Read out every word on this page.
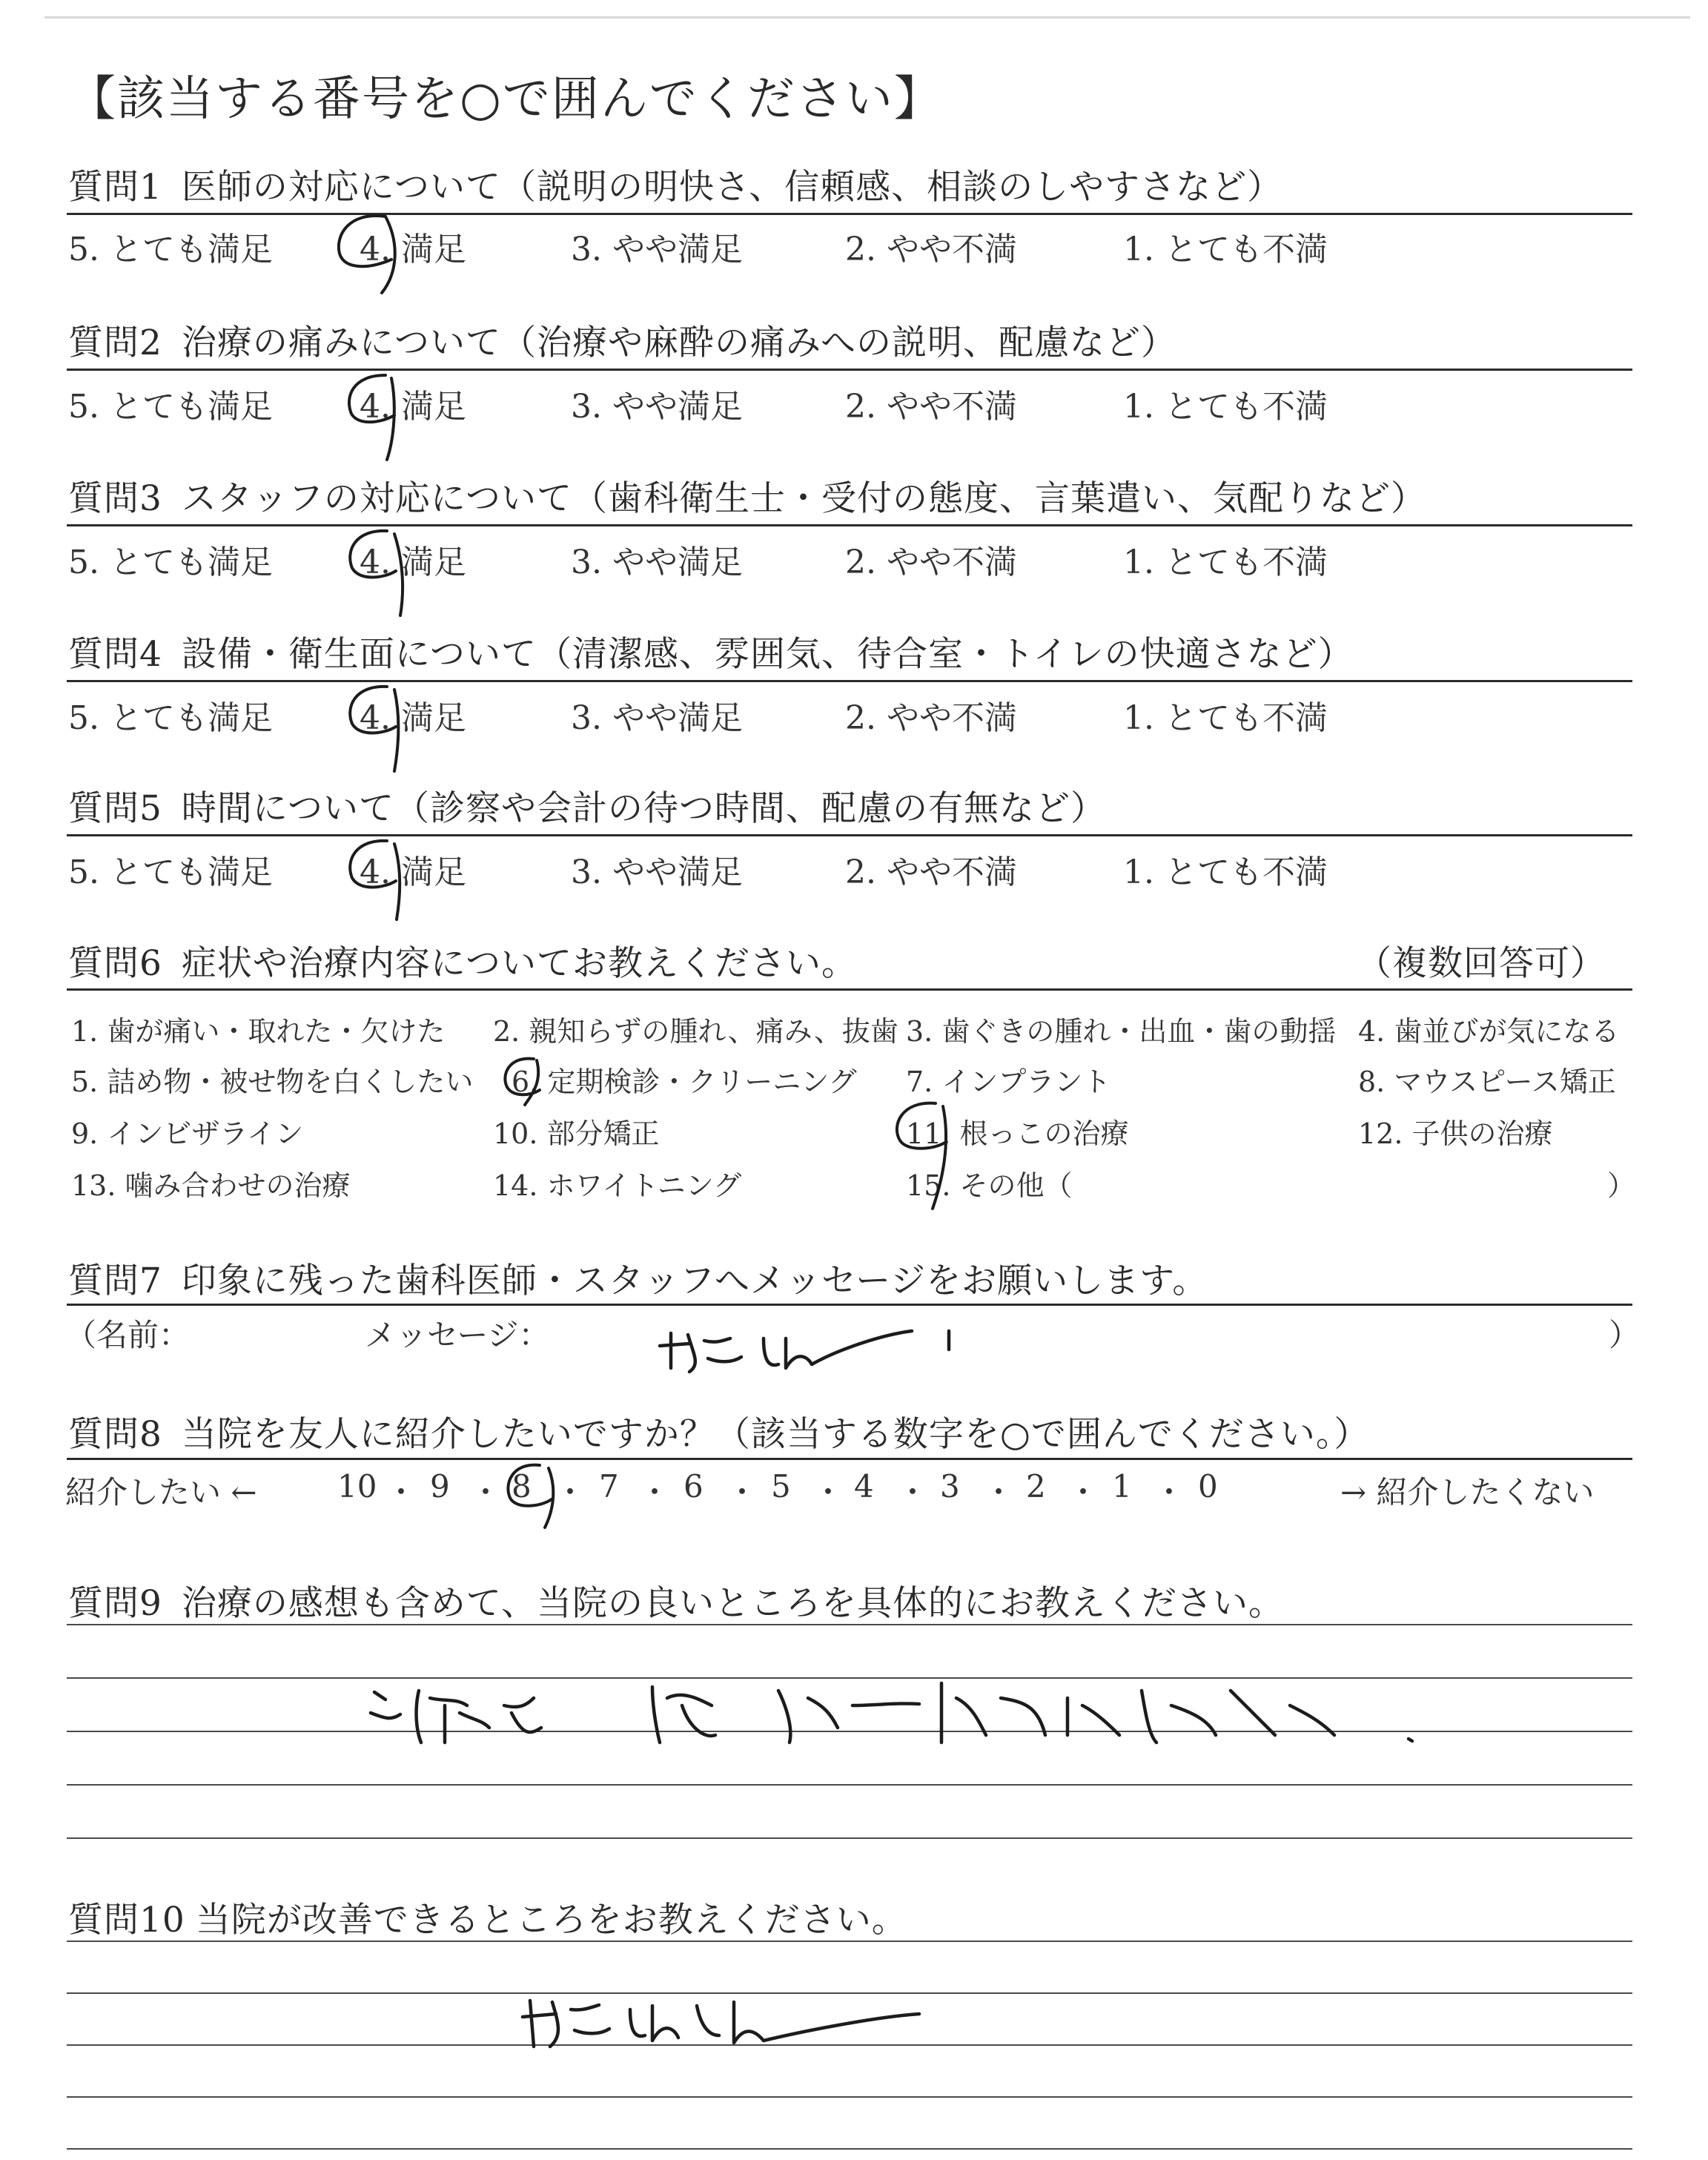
【該当する番号を○で囲んでください】
質問1 医師の対応について（説明の明快さ、信頼感、相談のしやすさなど）
5. とても満足	4. 満足	3. やや満足	2. やや不満	1. とても不満
質問2 治療の痛みについて（治療や麻酔の痛みへの説明、配慮など）
5. とても満足	4. 満足	3. やや満足	2. やや不満	1. とても不満
質問3 スタッフの対応について（歯科衛生士・受付の態度、言葉遣い、気配りなど）
5. とても満足	4. 満足	3. やや満足	2. やや不満	1. とても不満
質問4 設備・衛生面について（清潔感、雰囲気、待合室・トイレの快適さなど）
5. とても満足	4. 満足	3. やや満足	2. やや不満	1. とても不満
質問5 時間について（診察や会計の待つ時間、配慮の有無など）
5. とても満足	4. 満足	3. やや満足	2. やや不満	1. とても不満
質問6 症状や治療内容についてお教えください。	（複数回答可）
1. 歯が痛い・取れた・欠けた 2. 親知らずの腫れ、痛み、抜歯 3. 歯ぐきの腫れ・出血・歯の動揺 4. 歯並びが気になる
5. 詰め物・被せ物を白くしたい 6. 定期検診・クリーニング 7. インプラント	8. マウスピース矯正
9. インビザライン	10. 部分矯正	11. 根っこの治療	12. 子供の治療
13. 噛み合わせの治療	14. ホワイトニング	15. その他（	）
質問7 印象に残った歯科医師・スタッフへメッセージをお願いします。
（名前：	メッセージ：	）
質問8 当院を友人に紹介したいですか？（該当する数字を○で囲んでください。）
紹介したい ←	→ 紹介したくない
10 ・ 9 ・ 8 ・ 7 ・ 6 ・ 5 ・ 4 ・ 3 ・ 2 ・ 1 ・ 0
質問9 治療の感想も含めて、当院の良いところを具体的にお教えください。
質問10 当院が改善できるところをお教えください。
